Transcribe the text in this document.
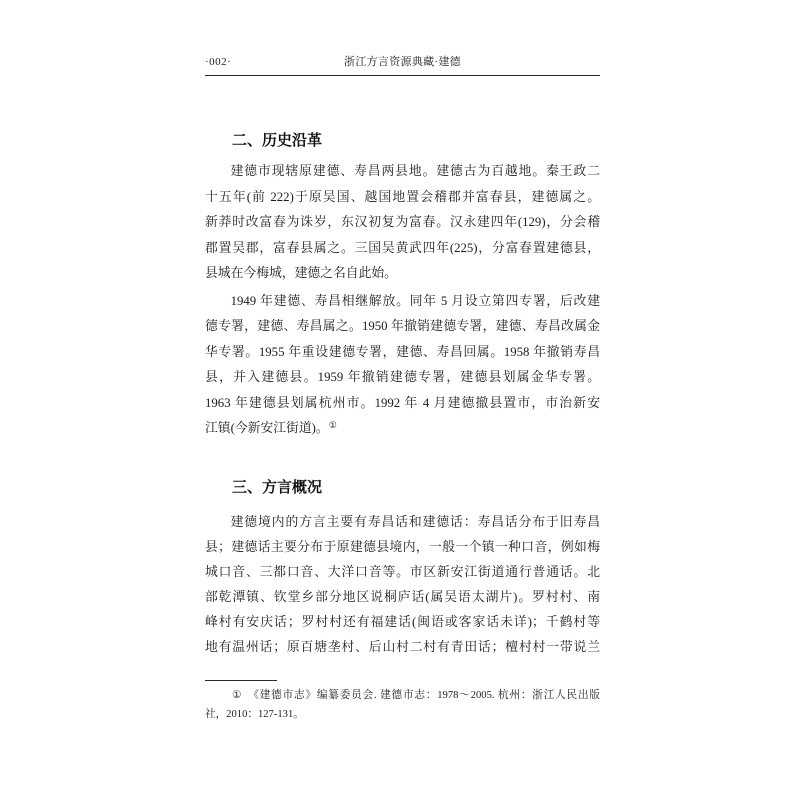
·002·	浙江方言资源典藏·建德
二、历史沿革
建德市现辖原建德、寿昌两县地。建德古为百越地。秦王政二
十五年(前 222)于原吴国、越国地置会稽郡并富春县，建德属之。
新莽时改富春为诛岁，东汉初复为富春。汉永建四年(129)，分会稽
郡置吴郡，富春县属之。三国吴黄武四年(225)，分富春置建德县，
县城在今梅城，建德之名自此始。
1949 年建德、寿昌相继解放。同年 5 月设立第四专署，后改建
德专署，建德、寿昌属之。1950 年撤销建德专署，建德、寿昌改属金
华专署。1955 年重设建德专署，建德、寿昌回属。1958 年撤销寿昌
县，并入建德县。1959 年撤销建德专署，建德县划属金华专署。
1963 年建德县划属杭州市。1992 年 4 月建德撤县置市，市治新安
江镇(今新安江街道)。①
三、方言概况
建德境内的方言主要有寿昌话和建德话：寿昌话分布于旧寿昌
县；建德话主要分布于原建德县境内，一般一个镇一种口音，例如梅
城口音、三都口音、大洋口音等。市区新安江街道通行普通话。北
部乾潭镇、钦堂乡部分地区说桐庐话(属吴语太湖片)。罗村村、南
峰村有安庆话；罗村村还有福建话(闽语或客家话未详)；千鹤村等
地有温州话；原百塘垄村、后山村二村有青田话；檀村村一带说兰
① 《建德市志》编纂委员会. 建德市志：1978～2005. 杭州：浙江人民出版
社，2010：127-131。
